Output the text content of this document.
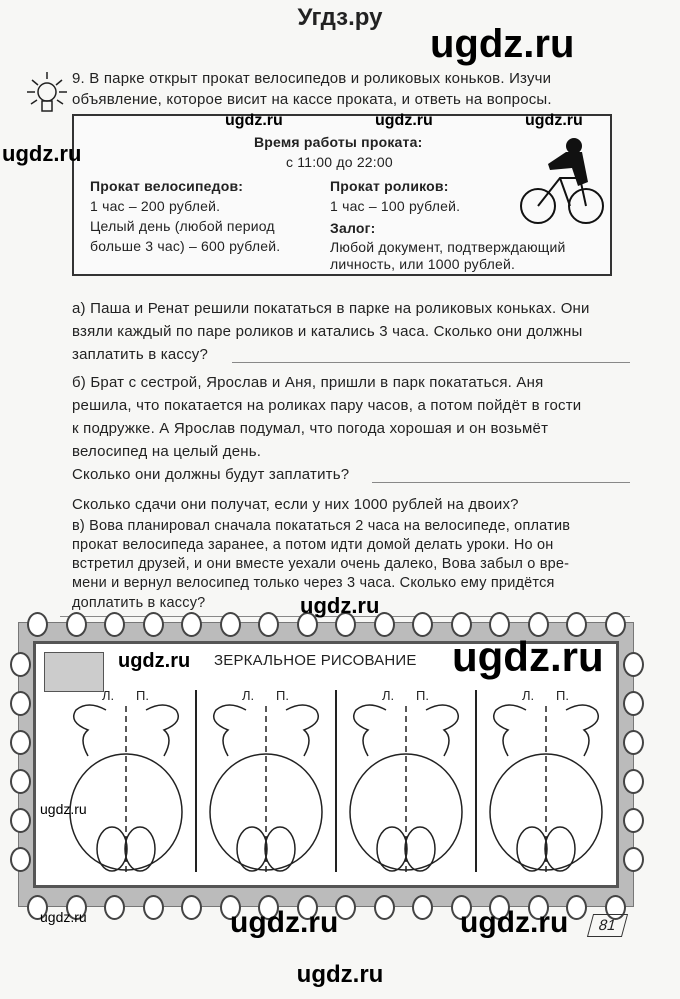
Угдз.ру
ugdz.ru
9. В парке открыт прокат велосипедов и роликовых коньков. Изучи
объявление, которое висит на кассе проката, и ответь на вопросы.
Время работы проката:
с 11:00 до 22:00
Прокат велосипедов:
1 час – 200 рублей.
Целый день (любой период
больше 3 час) – 600 рублей.
Прокат роликов:
1 час – 100 рублей.
Залог:
Любой документ, подтверждающий
личность, или 1000 рублей.
ugdz.ru	ugdz.ru	ugdz.ru
ugdz.ru
а) Паша и Ренат решили покататься в парке на роликовых коньках. Они
взяли каждый по паре роликов и катались 3 часа. Сколько они должны
заплатить в кассу?
б) Брат с сестрой, Ярослав и Аня, пришли в парк покататься. Аня
решила, что покатается на роликах пару часов, а потом пойдёт в гости
к подружке. А Ярослав подумал, что погода хорошая и он возьмёт
велосипед на целый день.
Сколько они должны будут заплатить?
Сколько сдачи они получат, если у них 1000 рублей на двоих?
в) Вова планировал сначала покататься 2 часа на велосипеде, оплатив
прокат велосипеда заранее, а потом идти домой делать уроки. Но он
встретил друзей, и они вместе уехали очень далеко, Вова забыл о вре-
мени и вернул велосипед только через 3 часа. Сколько ему придётся
доплатить в кассу?	ugdz.ru
ЗЕРКАЛЬНОЕ РИСОВАНИЕ
Л. П.	Л. П.	Л. П.	Л. П.
ugdz.ru	ugdz.ru
ugdz.ru
ugdz.ru	ugdz.ru	ugdz.ru	81
ugdz.ru
